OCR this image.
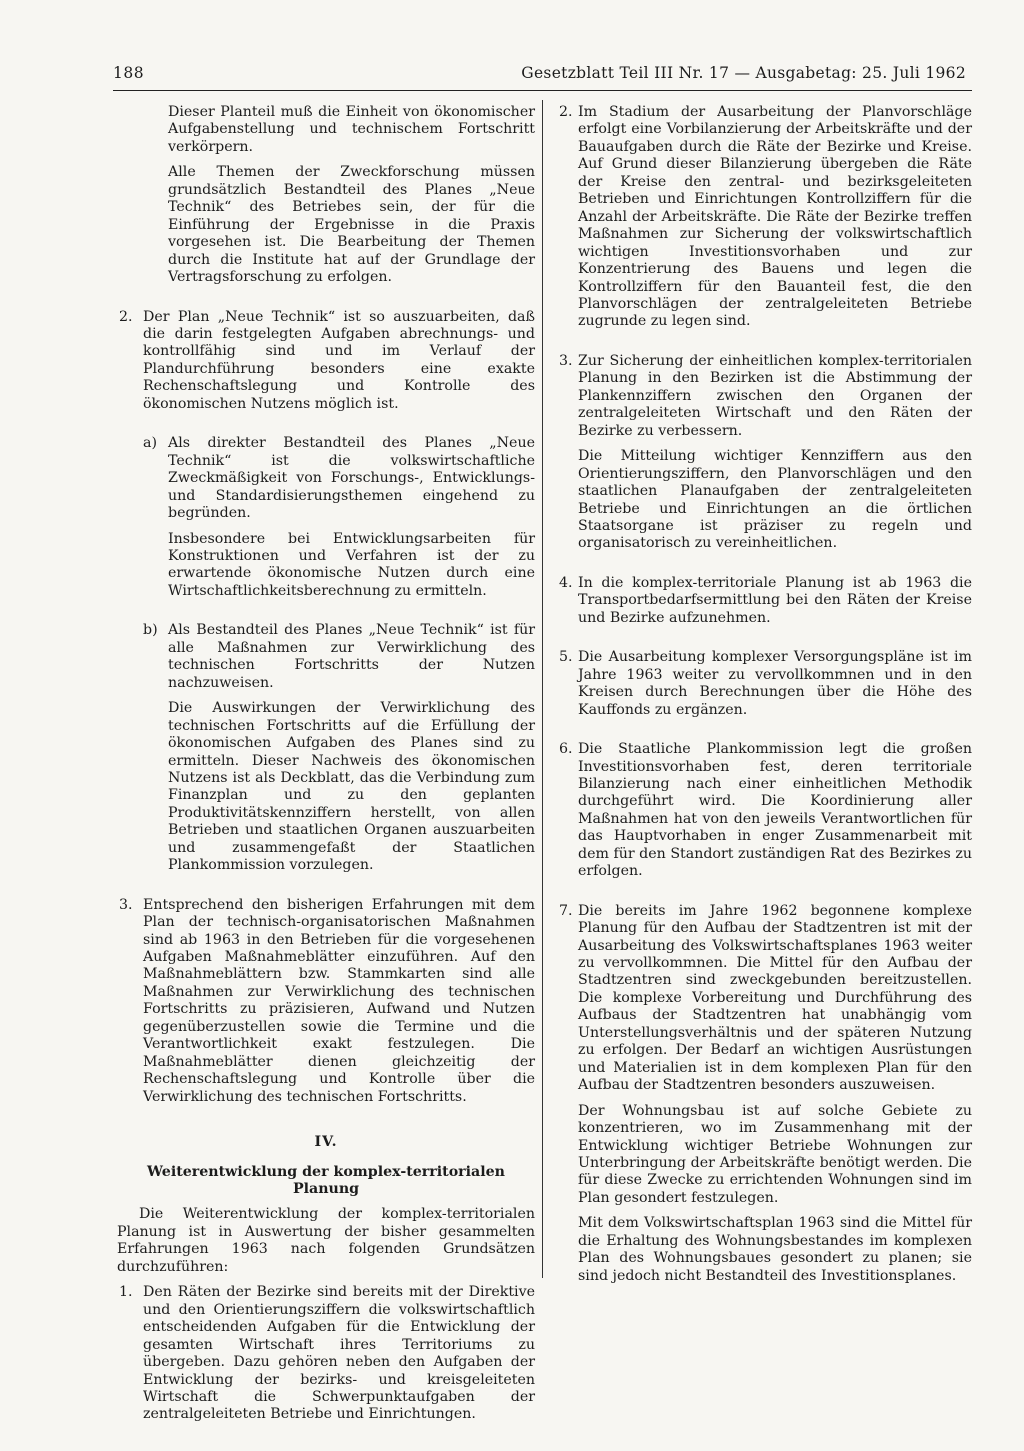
188	Gesetzblatt Teil III Nr. 17 — Ausgabetag: 25. Juli 1962

Dieser Planteil muß die Einheit von ökonomischer Aufgabenstellung und technischem Fortschritt verkörpern.

Alle Themen der Zweckforschung müssen grundsätzlich Bestandteil des Planes „Neue Technik“ des Betriebes sein, der für die Einführung der Ergebnisse in die Praxis vorgesehen ist. Die Bearbeitung der Themen durch die Institute hat auf der Grundlage der Vertragsforschung zu erfolgen.

2. Der Plan „Neue Technik“ ist so auszuarbeiten, daß die darin festgelegten Aufgaben abrechnungs- und kontrollfähig sind und im Verlauf der Plandurchführung besonders eine exakte Rechenschaftslegung und Kontrolle des ökonomischen Nutzens möglich ist.

a) Als direkter Bestandteil des Planes „Neue Technik“ ist die volkswirtschaftliche Zweckmäßigkeit von Forschungs-, Entwicklungs- und Standardisierungsthemen eingehend zu begründen.

Insbesondere bei Entwicklungsarbeiten für Konstruktionen und Verfahren ist der zu erwartende ökonomische Nutzen durch eine Wirtschaftlichkeitsberechnung zu ermitteln.

b) Als Bestandteil des Planes „Neue Technik“ ist für alle Maßnahmen zur Verwirklichung des technischen Fortschritts der Nutzen nachzuweisen.

Die Auswirkungen der Verwirklichung des technischen Fortschritts auf die Erfüllung der ökonomischen Aufgaben des Planes sind zu ermitteln. Dieser Nachweis des ökonomischen Nutzens ist als Deckblatt, das die Verbindung zum Finanzplan und zu den geplanten Produktivitätskennziffern herstellt, von allen Betrieben und staatlichen Organen auszuarbeiten und zusammengefaßt der Staatlichen Plankommission vorzulegen.

3. Entsprechend den bisherigen Erfahrungen mit dem Plan der technisch-organisatorischen Maßnahmen sind ab 1963 in den Betrieben für die vorgesehenen Aufgaben Maßnahmeblätter einzuführen. Auf den Maßnahmeblättern bzw. Stammkarten sind alle Maßnahmen zur Verwirklichung des technischen Fortschritts zu präzisieren, Aufwand und Nutzen gegenüberzustellen sowie die Termine und die Verantwortlichkeit exakt festzulegen. Die Maßnahmeblätter dienen gleichzeitig der Rechenschaftslegung und Kontrolle über die Verwirklichung des technischen Fortschritts.

IV.

Weiterentwicklung der komplex-territorialen Planung

Die Weiterentwicklung der komplex-territorialen Planung ist in Auswertung der bisher gesammelten Erfahrungen 1963 nach folgenden Grundsätzen durchzuführen:

1. Den Räten der Bezirke sind bereits mit der Direktive und den Orientierungsziffern die volkswirtschaftlich entscheidenden Aufgaben für die Entwicklung der gesamten Wirtschaft ihres Territoriums zu übergeben. Dazu gehören neben den Aufgaben der Entwicklung der bezirks- und kreisgeleiteten Wirtschaft die Schwerpunktaufgaben der zentralgeleiteten Betriebe und Einrichtungen.

2. Im Stadium der Ausarbeitung der Planvorschläge erfolgt eine Vorbilanzierung der Arbeitskräfte und der Bauaufgaben durch die Räte der Bezirke und Kreise. Auf Grund dieser Bilanzierung übergeben die Räte der Kreise den zentral- und bezirksgeleiteten Betrieben und Einrichtungen Kontrollziffern für die Anzahl der Arbeitskräfte. Die Räte der Bezirke treffen Maßnahmen zur Sicherung der volkswirtschaftlich wichtigen Investitionsvorhaben und zur Konzentrierung des Bauens und legen die Kontrollziffern für den Bauanteil fest, die den Planvorschlägen der zentralgeleiteten Betriebe zugrunde zu legen sind.

3. Zur Sicherung der einheitlichen komplex-territorialen Planung in den Bezirken ist die Abstimmung der Plankennziffern zwischen den Organen der zentralgeleiteten Wirtschaft und den Räten der Bezirke zu verbessern.

Die Mitteilung wichtiger Kennziffern aus den Orientierungsziffern, den Planvorschlägen und den staatlichen Planaufgaben der zentralgeleiteten Betriebe und Einrichtungen an die örtlichen Staatsorgane ist präziser zu regeln und organisatorisch zu vereinheitlichen.

4. In die komplex-territoriale Planung ist ab 1963 die Transportbedarfsermittlung bei den Räten der Kreise und Bezirke aufzunehmen.

5. Die Ausarbeitung komplexer Versorgungspläne ist im Jahre 1963 weiter zu vervollkommnen und in den Kreisen durch Berechnungen über die Höhe des Kauffonds zu ergänzen.

6. Die Staatliche Plankommission legt die großen Investitionsvorhaben fest, deren territoriale Bilanzierung nach einer einheitlichen Methodik durchgeführt wird. Die Koordinierung aller Maßnahmen hat von den jeweils Verantwortlichen für das Hauptvorhaben in enger Zusammenarbeit mit dem für den Standort zuständigen Rat des Bezirkes zu erfolgen.

7. Die bereits im Jahre 1962 begonnene komplexe Planung für den Aufbau der Stadtzentren ist mit der Ausarbeitung des Volkswirtschaftsplanes 1963 weiter zu vervollkommnen. Die Mittel für den Aufbau der Stadtzentren sind zweckgebunden bereitzustellen. Die komplexe Vorbereitung und Durchführung des Aufbaus der Stadtzentren hat unabhängig vom Unterstellungsverhältnis und der späteren Nutzung zu erfolgen. Der Bedarf an wichtigen Ausrüstungen und Materialien ist in dem komplexen Plan für den Aufbau der Stadtzentren besonders auszuweisen.

Der Wohnungsbau ist auf solche Gebiete zu konzentrieren, wo im Zusammenhang mit der Entwicklung wichtiger Betriebe Wohnungen zur Unterbringung der Arbeitskräfte benötigt werden. Die für diese Zwecke zu errichtenden Wohnungen sind im Plan gesondert festzulegen.

Mit dem Volkswirtschaftsplan 1963 sind die Mittel für die Erhaltung des Wohnungsbestandes im komplexen Plan des Wohnungsbaues gesondert zu planen; sie sind jedoch nicht Bestandteil des Investitionsplanes.
